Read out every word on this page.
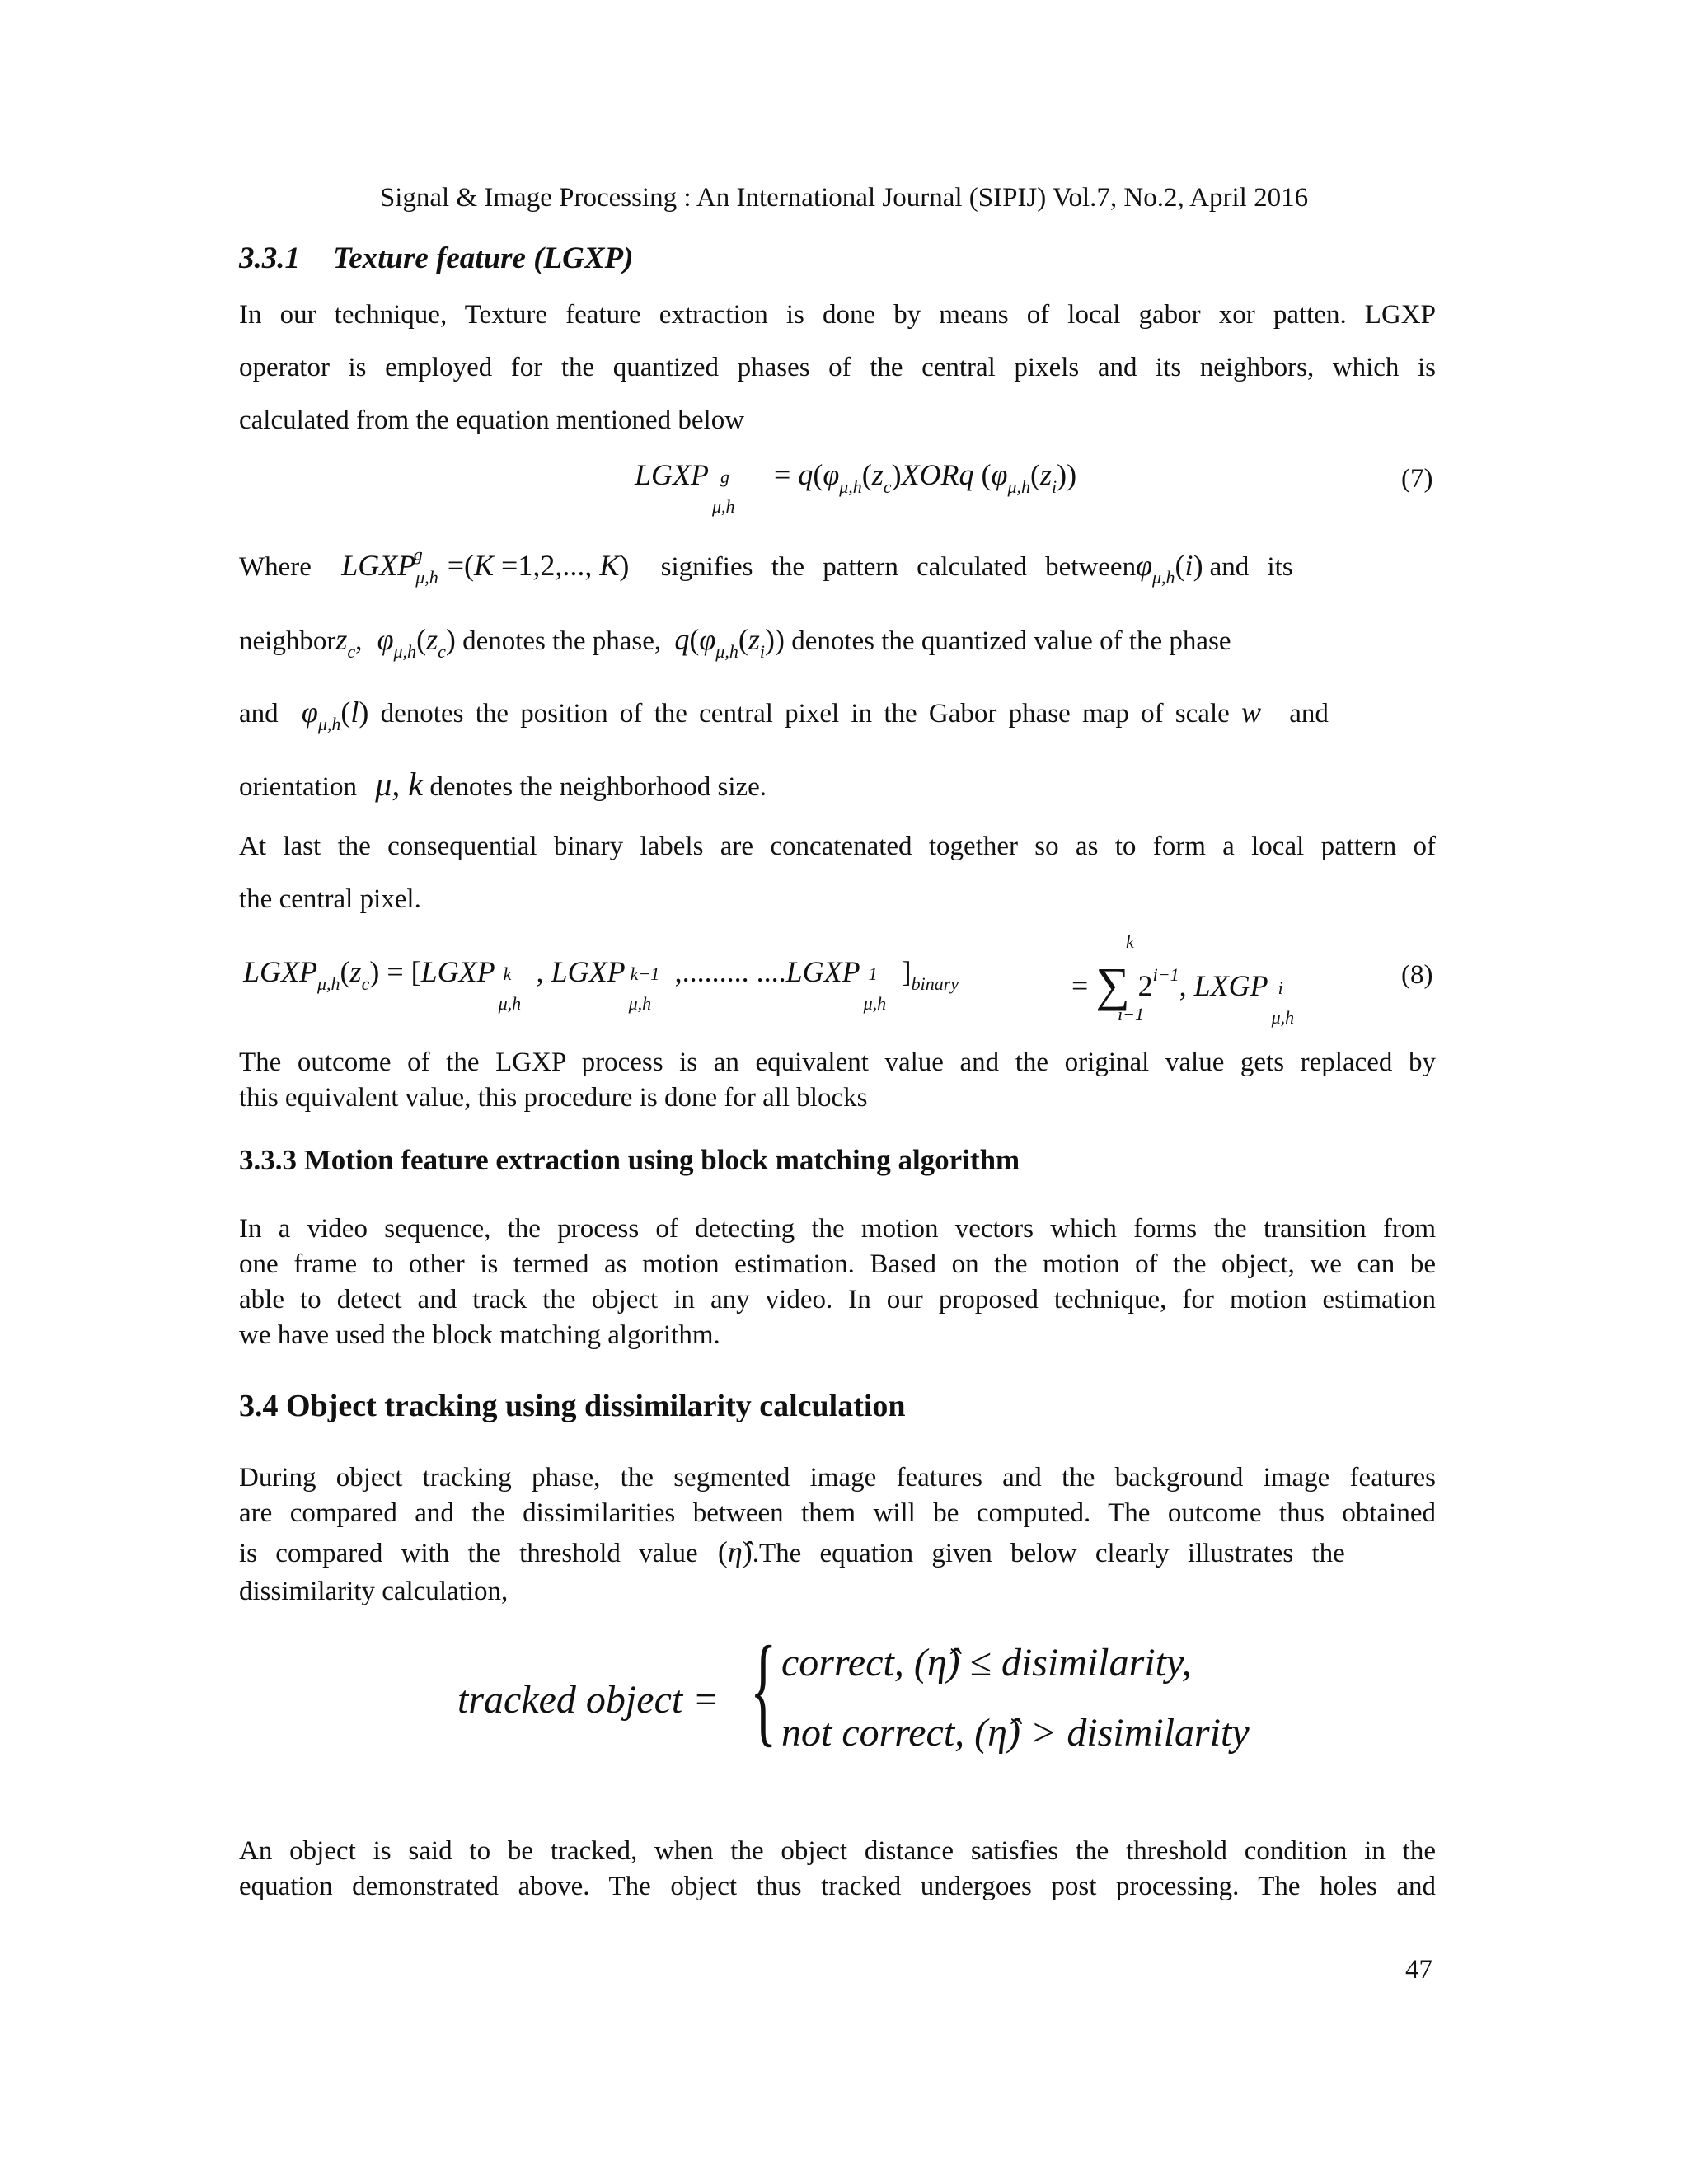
Signal & Image Processing : An International Journal (SIPIJ) Vol.7, No.2, April 2016
3.3.1 Texture feature (LGXP)
In our technique, Texture feature extraction is done by means of local gabor xor patten. LGXP
operator is employed for the quantized phases of the central pixels and its neighbors, which is
calculated from the equation mentioned below
LGXP g
μ,h
= $q(\varphi_{\mu,h}(z_c)XORq$ $(\varphi_{\mu,h}(z_i))$	(7)
Where $LGXP_{\mu,h}^g =(K =1,2$,..., K) signifies the pattern calculated betweenφ$_{\mu,h}$(i) and its
neighborz$_c$, $\varphi_{\mu,h}(z_c)$ denotes the phase, $q(\varphi_{\mu,h}(z_i))$ denotes the quantized value of the phase
and $\varphi_{\mu,h}(l)$ denotes the position of the central pixel in the Gabor phase map of scale w and
orientation μ, k denotes the neighborhood size.
At last the consequential binary labels are concatenated together so as to form a local pattern of
the central pixel.
$LGXP_{\mu,h}(z_c)$ = [LGXP k
μ,h
, LGXP k−1
μ,h
,......... ....LGXP 1
μ,h
]$_{binary}$	= ∑ $2^{i-1}$, LXGP i
μ,h
k
i−1
(8)
The outcome of the LGXP process is an equivalent value and the original value gets replaced by
this equivalent value, this procedure is done for all blocks
3.3.3 Motion feature extraction using block matching algorithm
In a video sequence, the process of detecting the motion vectors which forms the transition from
one frame to other is termed as motion estimation. Based on the motion of the object, we can be
able to detect and track the object in any video. In our proposed technique, for motion estimation
we have used the block matching algorithm.
3.4 Object tracking using dissimilarity calculation
During object tracking phase, the segmented image features and the background image features
are compared and the dissimilarities between them will be computed. The outcome thus obtained
is compared with the threshold value (η̂).The equation given below clearly illustrates the
dissimilarity calculation,
tracked object = { correct, (η̂) ≤ disimilarity,
not correct, (η̂) > disimilarity
An object is said to be tracked, when the object distance satisfies the threshold condition in the
equation demonstrated above. The object thus tracked undergoes post processing. The holes and
47
